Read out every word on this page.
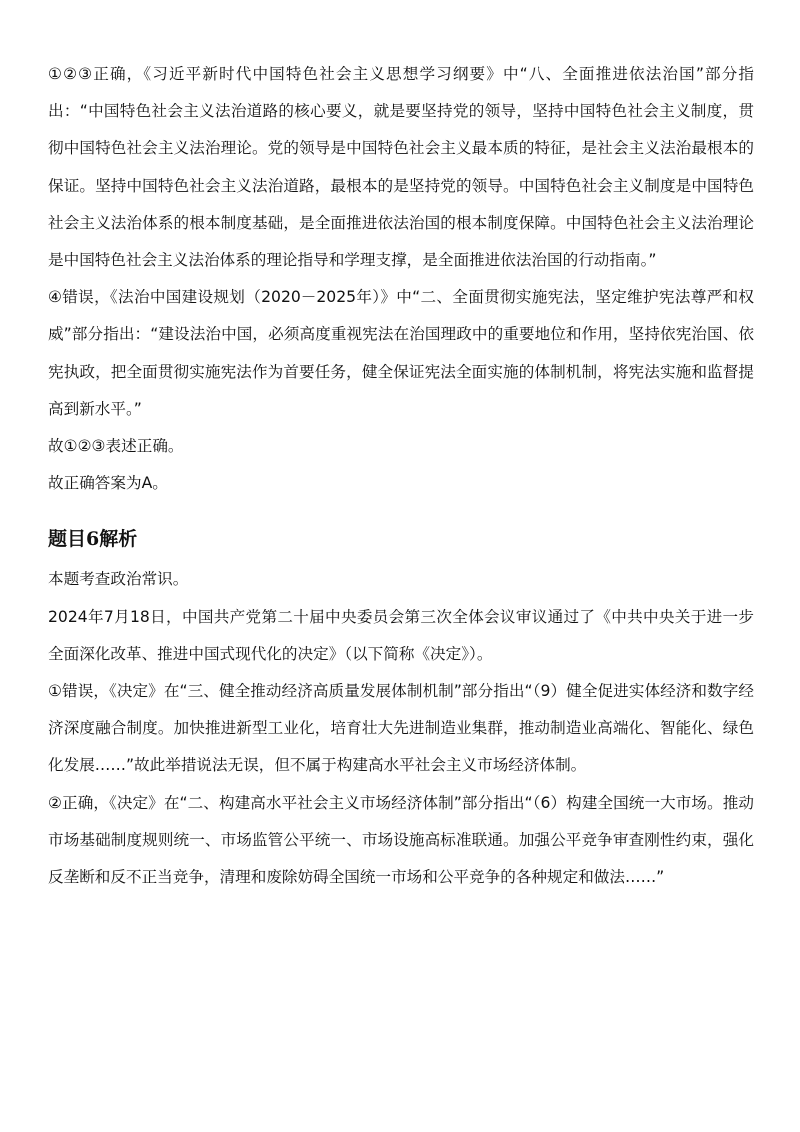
①②③正确，《习近平新时代中国特色社会主义思想学习纲要》中“八、全面推进依法治国”部分指出：“中国特色社会主义法治道路的核心要义，就是要坚持党的领导，坚持中国特色社会主义制度，贯彻中国特色社会主义法治理论。党的领导是中国特色社会主义最本质的特征，是社会主义法治最根本的保证。坚持中国特色社会主义法治道路，最根本的是坚持党的领导。中国特色社会主义制度是中国特色社会主义法治体系的根本制度基础，是全面推进依法治国的根本制度保障。中国特色社会主义法治理论是中国特色社会主义法治体系的理论指导和学理支撑，是全面推进依法治国的行动指南。”

④错误，《法治中国建设规划（2020－2025年）》中“二、全面贯彻实施宪法，坚定维护宪法尊严和权威”部分指出：“建设法治中国，必须高度重视宪法在治国理政中的重要地位和作用，坚持依宪治国、依宪执政，把全面贯彻实施宪法作为首要任务，健全保证宪法全面实施的体制机制，将宪法实施和监督提高到新水平。”

故①②③表述正确。

故正确答案为A。

题目6解析

本题考查政治常识。

2024年7月18日，中国共产党第二十届中央委员会第三次全体会议审议通过了《中共中央关于进一步全面深化改革、推进中国式现代化的决定》（以下简称《决定》）。

①错误，《决定》在“三、健全推动经济高质量发展体制机制”部分指出“（9）健全促进实体经济和数字经济深度融合制度。加快推进新型工业化，培育壮大先进制造业集群，推动制造业高端化、智能化、绿色化发展……”故此举措说法无误，但不属于构建高水平社会主义市场经济体制。

②正确，《决定》在“二、构建高水平社会主义市场经济体制”部分指出“（6）构建全国统一大市场。推动市场基础制度规则统一、市场监管公平统一、市场设施高标准联通。加强公平竞争审查刚性约束，强化反垄断和反不正当竞争，清理和废除妨碍全国统一市场和公平竞争的各种规定和做法……”
